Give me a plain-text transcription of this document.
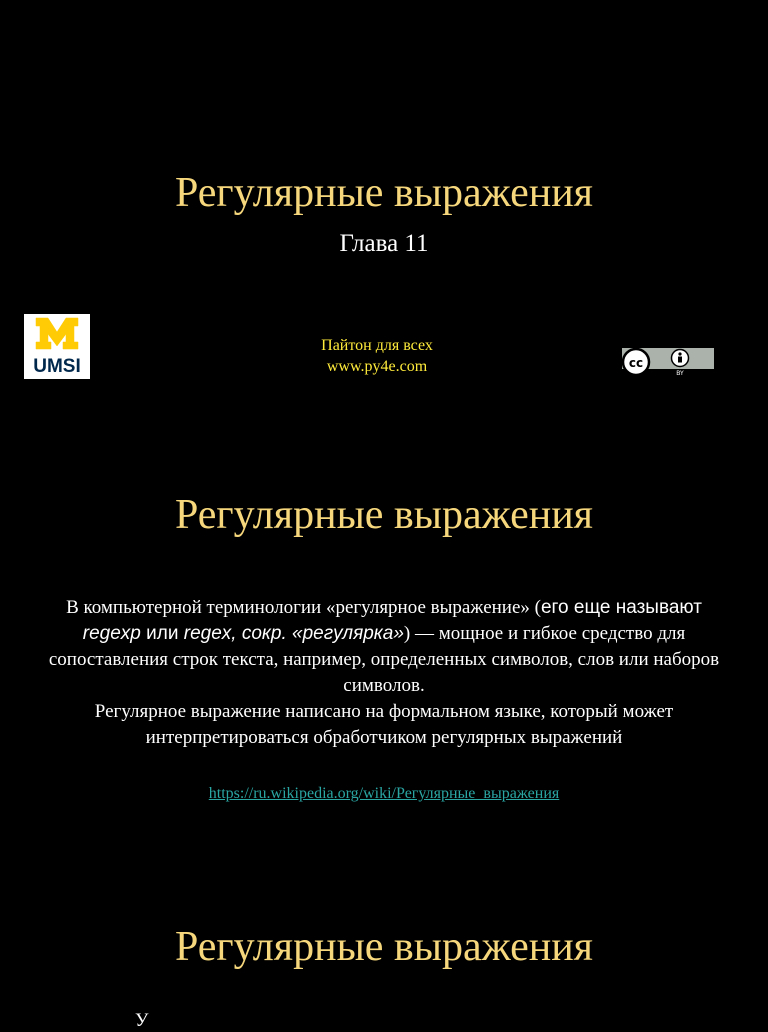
Регулярные выражения
Глава 11
UMSI
Пайтон для всех
www.py4e.com	cc
BY
Регулярные выражения
В компьютерной терминологии «регулярное выражение» (его еще называют regexp или regex, сокр. «регулярка») — мощное и гибкое средство для сопоставления строк текста, например, определенных символов, слов или наборов символов.
Регулярное выражение написано на формальном языке, который может интерпретироваться обработчиком регулярных выражений
https://ru.wikipedia.org/wiki/Регулярные_выражения
Регулярные выражения
У
